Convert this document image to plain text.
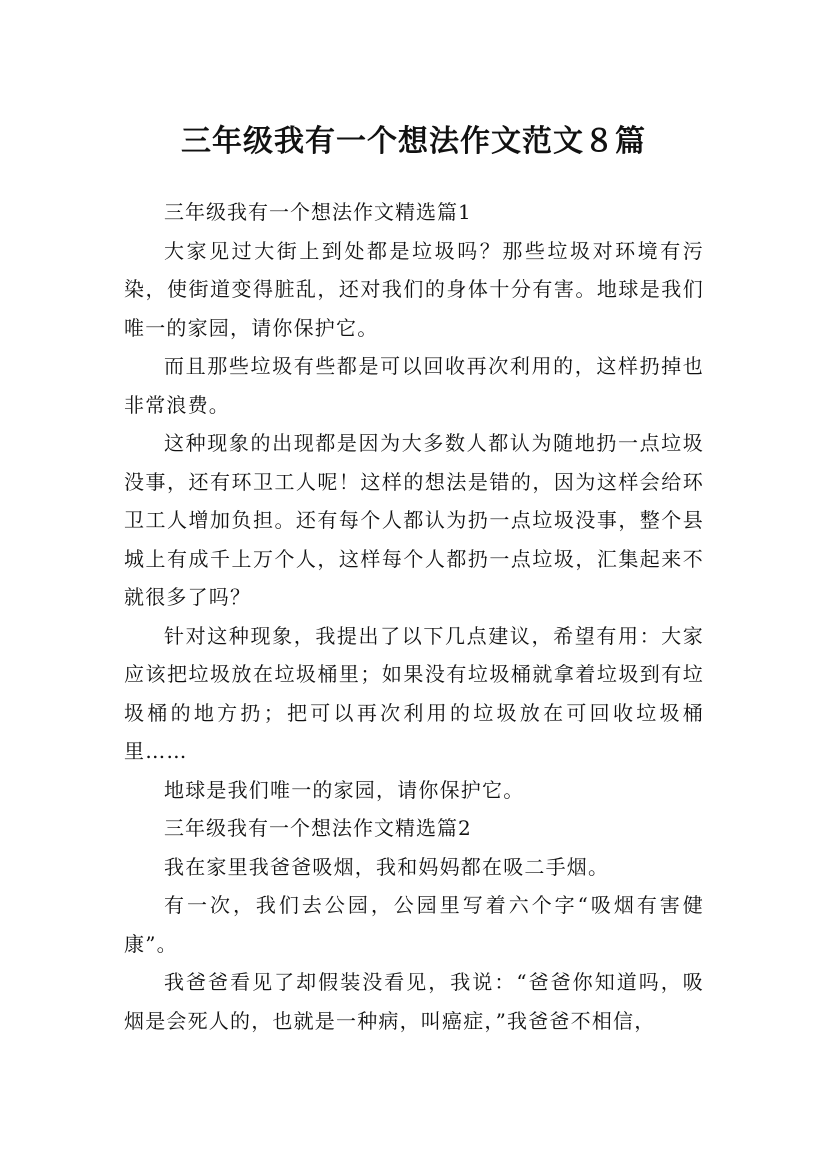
三年级我有一个想法作文范文８篇

三年级我有一个想法作文精选篇1

大家见过大街上到处都是垃圾吗？那些垃圾对环境有污染，使街道变得脏乱，还对我们的身体十分有害。地球是我们唯一的家园，请你保护它。

而且那些垃圾有些都是可以回收再次利用的，这样扔掉也非常浪费。

这种现象的出现都是因为大多数人都认为随地扔一点垃圾没事，还有环卫工人呢！这样的想法是错的，因为这样会给环卫工人增加负担。还有每个人都认为扔一点垃圾没事，整个县城上有成千上万个人，这样每个人都扔一点垃圾，汇集起来不就很多了吗？

针对这种现象，我提出了以下几点建议，希望有用：大家应该把垃圾放在垃圾桶里；如果没有垃圾桶就拿着垃圾到有垃圾桶的地方扔；把可以再次利用的垃圾放在可回收垃圾桶里……

地球是我们唯一的家园，请你保护它。

三年级我有一个想法作文精选篇2

我在家里我爸爸吸烟，我和妈妈都在吸二手烟。

有一次，我们去公园，公园里写着六个字“吸烟有害健康”。

我爸爸看见了却假装没看见，我说：“爸爸你知道吗，吸烟是会死人的，也就是一种病，叫癌症，”我爸爸不相信，
